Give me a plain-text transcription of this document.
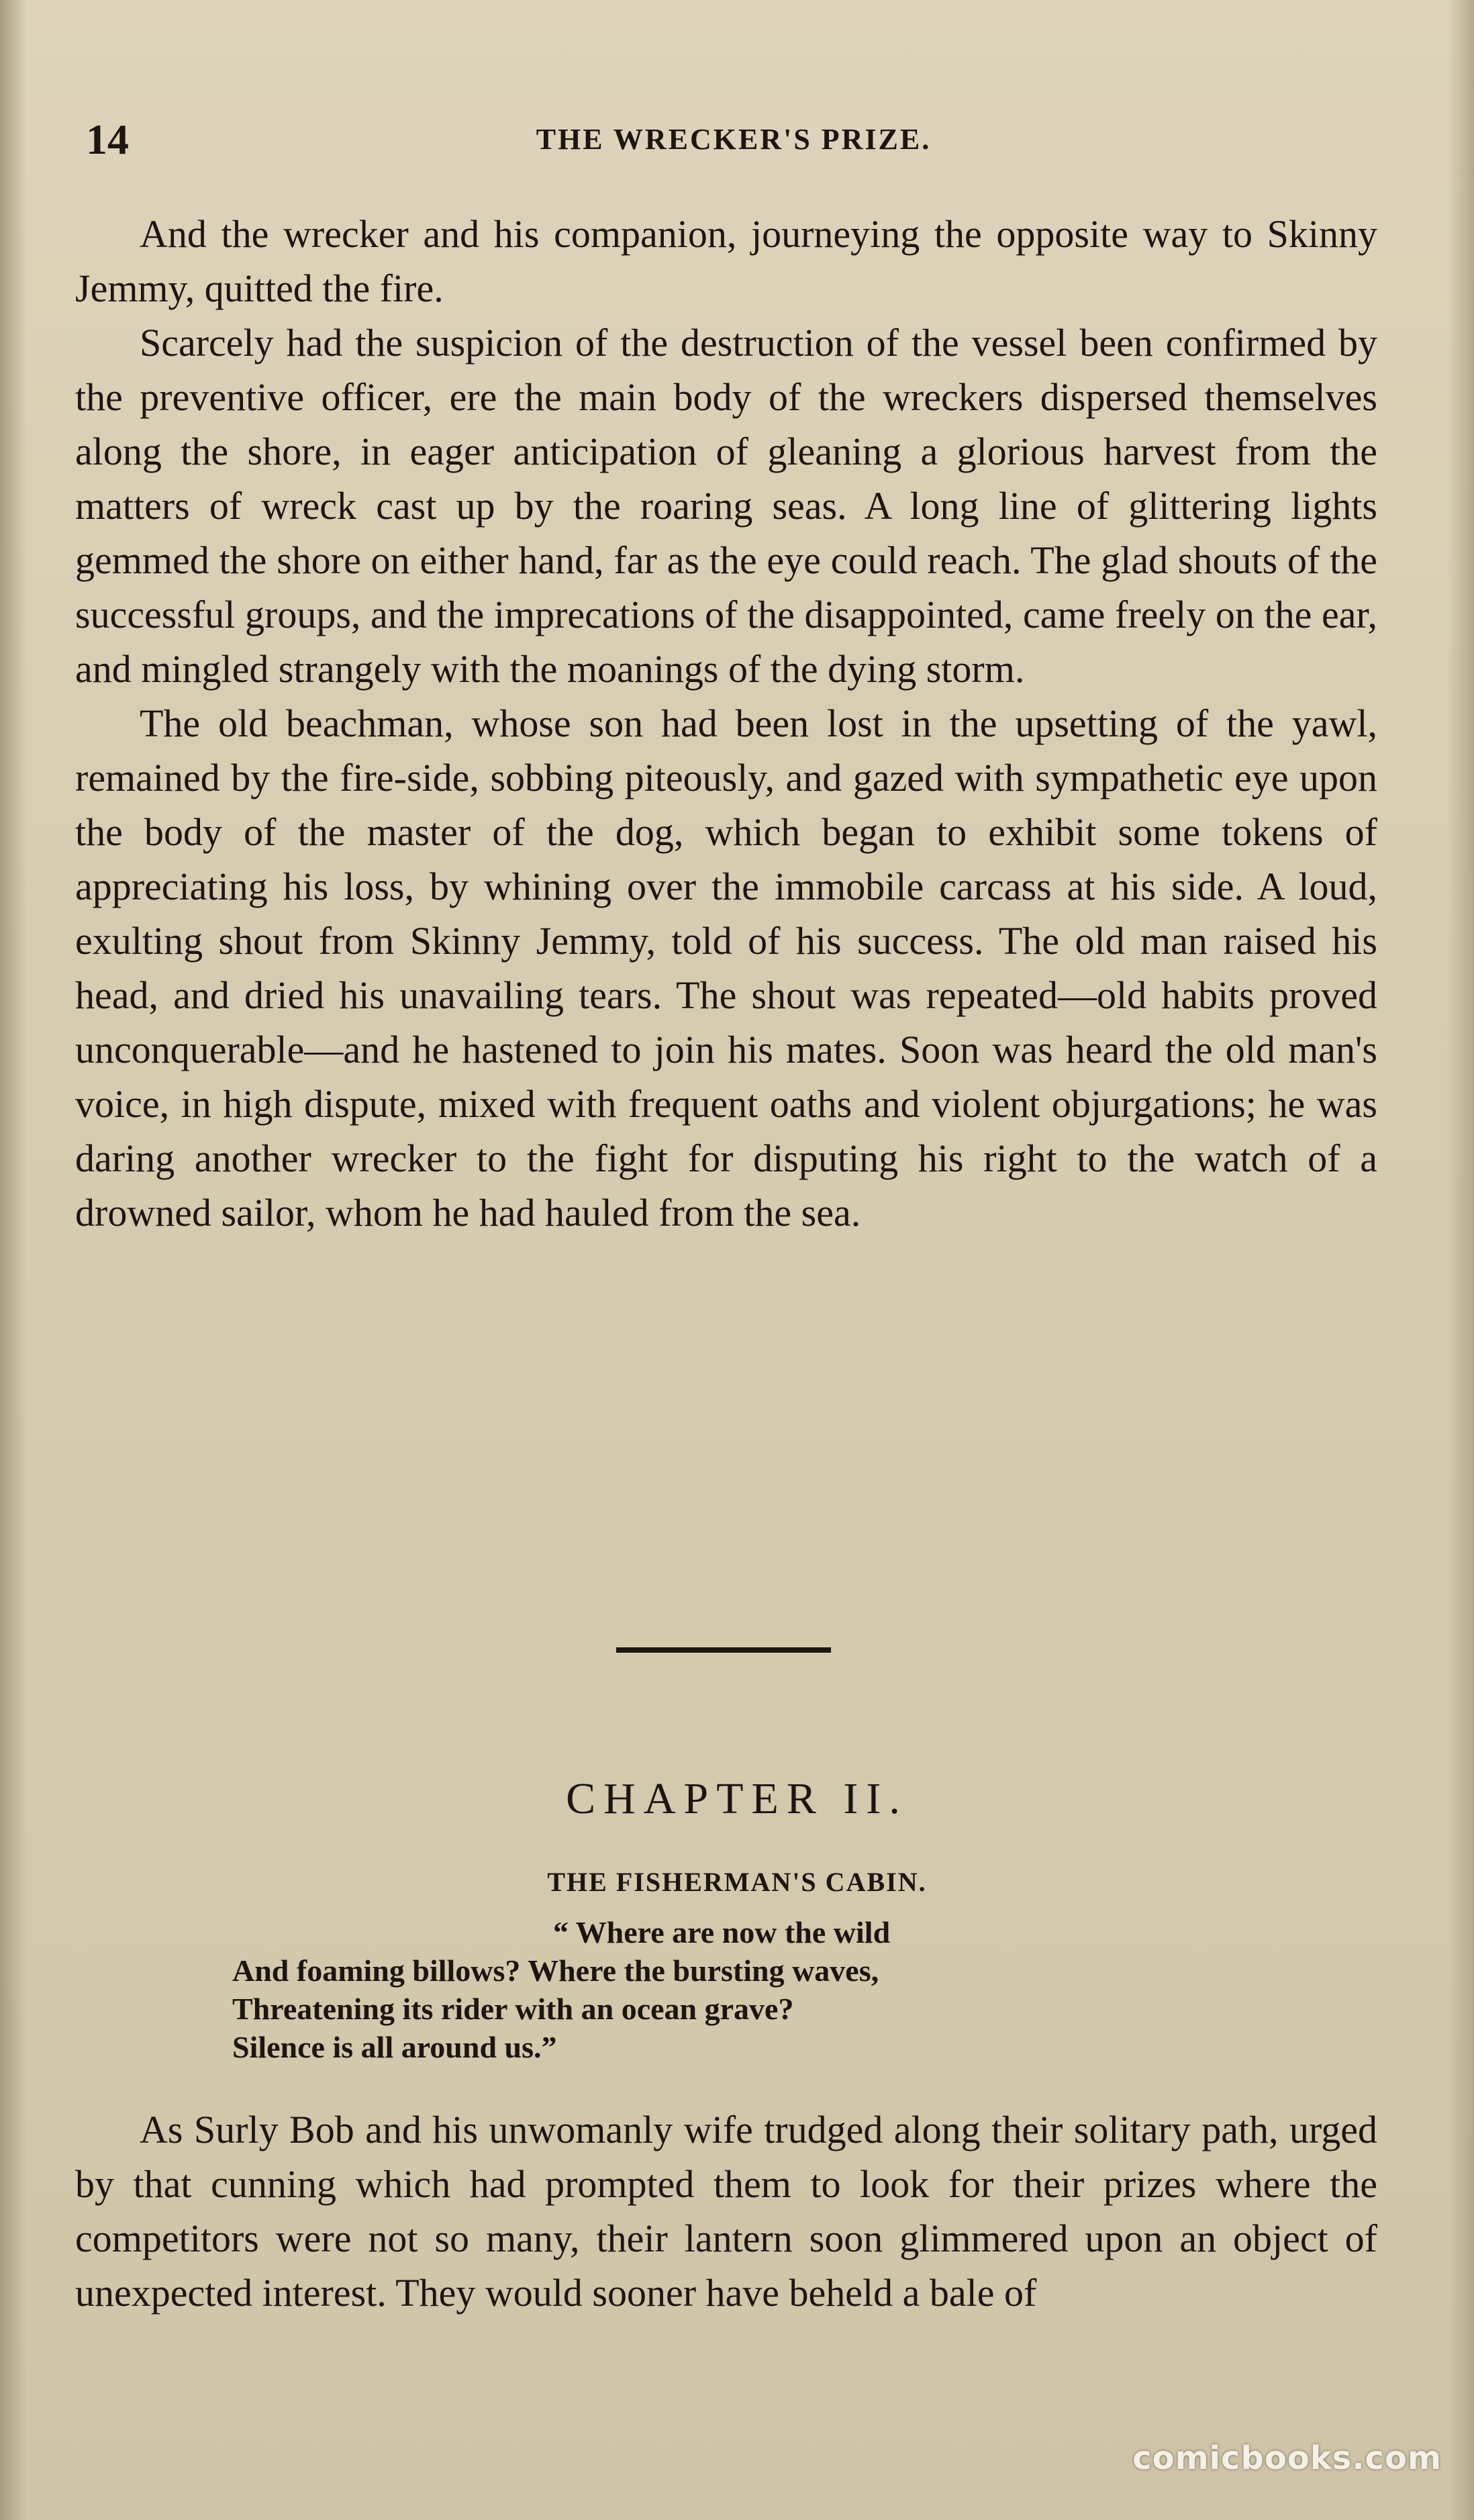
14	THE WRECKER'S PRIZE.

And the wrecker and his companion, journeying the opposite way to Skinny Jemmy, quitted the fire.

Scarcely had the suspicion of the destruction of the vessel been confirmed by the preventive officer, ere the main body of the wreckers dispersed themselves along the shore, in eager anticipation of gleaning a glorious harvest from the matters of wreck cast up by the roaring seas. A long line of glittering lights gemmed the shore on either hand, far as the eye could reach. The glad shouts of the successful groups, and the imprecations of the disappointed, came freely on the ear, and mingled strangely with the moanings of the dying storm.

The old beachman, whose son had been lost in the upsetting of the yawl, remained by the fire-side, sobbing piteously, and gazed with sympathetic eye upon the body of the master of the dog, which began to exhibit some tokens of appreciating his loss, by whining over the immobile carcass at his side. A loud, exulting shout from Skinny Jemmy, told of his success. The old man raised his head, and dried his unavailing tears. The shout was repeated—old habits proved unconquerable—and he hastened to join his mates. Soon was heard the old man's voice, in high dispute, mixed with frequent oaths and violent objurgations; he was daring another wrecker to the fight for disputing his right to the watch of a drowned sailor, whom he had hauled from the sea.

CHAPTER II.
THE FISHERMAN'S CABIN.
“ Where are now the wild
And foaming billows? Where the bursting waves,
Threatening its rider with an ocean grave?
Silence is all around us.”

As Surly Bob and his unwomanly wife trudged along their solitary path, urged by that cunning which had prompted them to look for their prizes where the competitors were not so many, their lantern soon glimmered upon an object of unexpected interest. They would sooner have beheld a bale of

comicbooks.com
